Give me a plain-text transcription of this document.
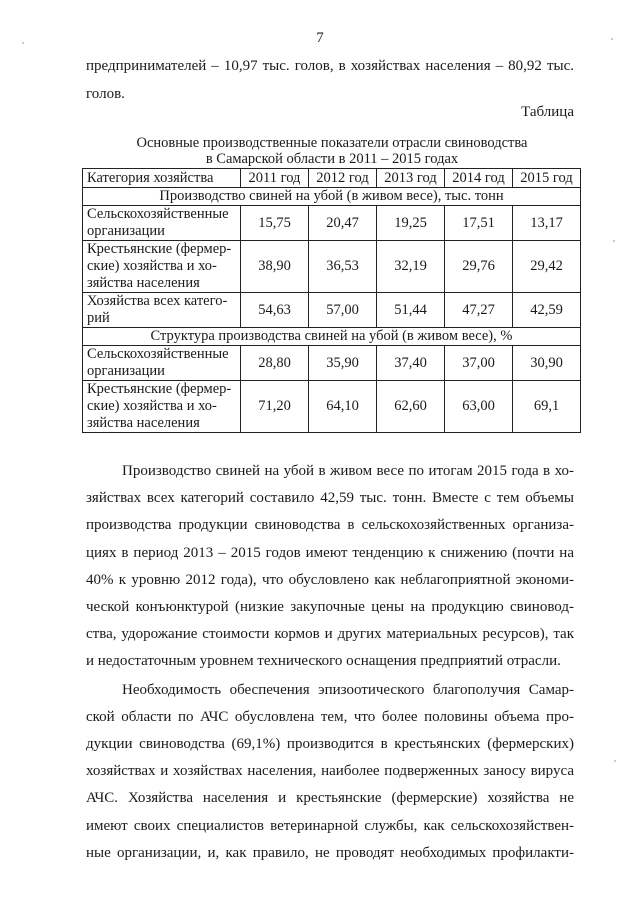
7
предпринимателей – 10,97 тыс. голов, в хозяйствах населения – 80,92 тыс.
голов.
Таблица
Основные производственные показатели отрасли свиноводства
в Самарской области в 2011 – 2015 годах
Категория хозяйства	2011 год	2012 год	2013 год	2014 год	2015 год
Производство свиней на убой (в живом весе), тыс. тонн					
Сельскохозяйственные
организации	15,75	20,47	19,25	17,51	13,17
Крестьянские (фермер-
ские) хозяйства и хо-
зяйства населения	38,90	36,53	32,19	29,76	29,42
Хозяйства всех катего-
рий	54,63	57,00	51,44	47,27	42,59
Структура производства свиней на убой (в живом весе), %					
Сельскохозяйственные
организации	28,80	35,90	37,40	37,00	30,90
Крестьянские (фермер-
ские) хозяйства и хо-
зяйства населения	71,20	64,10	62,60	63,00	69,1

Производство свиней на убой в живом весе по итогам 2015 года в хо-
зяйствах всех категорий составило 42,59 тыс. тонн. Вместе с тем объемы
производства продукции свиноводства в сельскохозяйственных организа-
циях в период 2013 – 2015 годов имеют тенденцию к снижению (почти на
40% к уровню 2012 года), что обусловлено как неблагоприятной экономи-
ческой конъюнктурой (низкие закупочные цены на продукцию свиновод-
ства, удорожание стоимости кормов и других материальных ресурсов), так
и недостаточным уровнем технического оснащения предприятий отрасли.

Необходимость обеспечения эпизоотического благополучия Самар-
ской области по АЧС обусловлена тем, что более половины объема про-
дукции свиноводства (69,1%) производится в крестьянских (фермерских)
хозяйствах и хозяйствах населения, наиболее подверженных заносу вируса
АЧС. Хозяйства населения и крестьянские (фермерские) хозяйства не
имеют своих специалистов ветеринарной службы, как сельскохозяйствен-
ные организации, и, как правило, не проводят необходимых профилакти-
